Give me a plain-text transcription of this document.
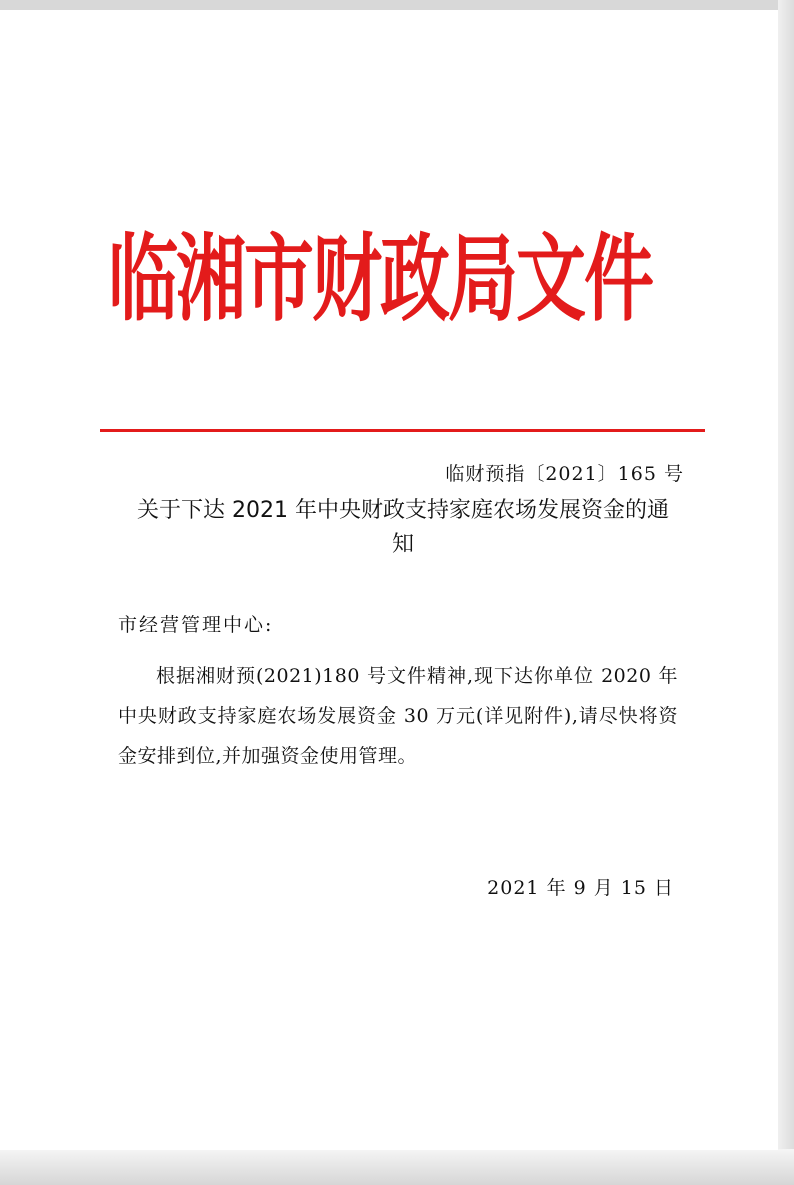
临湘市财政局文件
临财预指〔2021〕165 号
关于下达 2021 年中央财政支持家庭农场发展资金的通知
市经营管理中心:
根据湘财预(2021)180 号文件精神,现下达你单位 2020 年中央财政支持家庭农场发展资金 30 万元(详见附件),请尽快将资金安排到位,并加强资金使用管理。
2021 年 9 月 15 日
